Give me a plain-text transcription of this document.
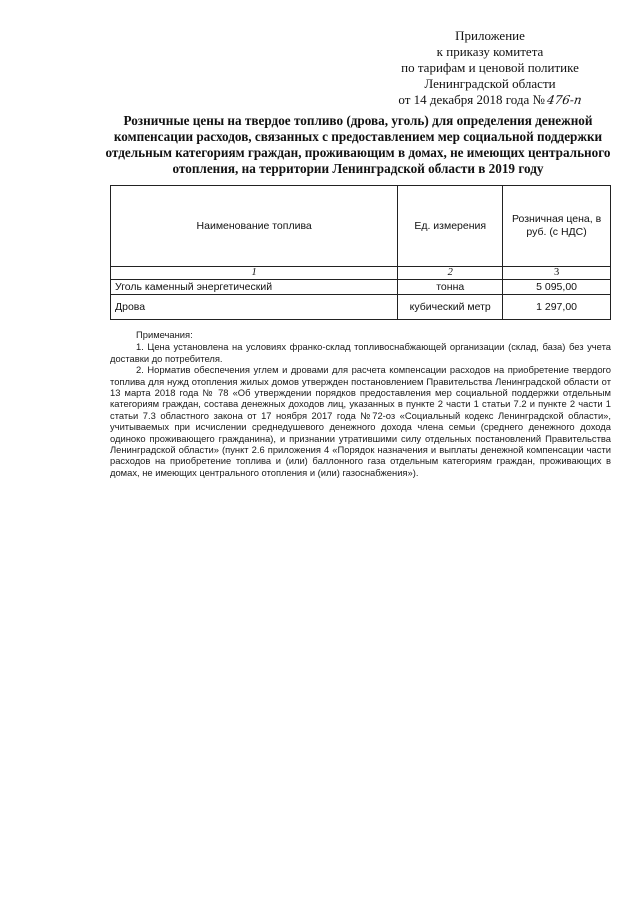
Приложение
к приказу комитета
по тарифам и ценовой политике
Ленинградской области
от 14 декабря 2018 года №476-п
Розничные цены на твердое топливо (дрова, уголь) для определения денежной компенсации расходов, связанных с предоставлением мер социальной поддержки отдельным категориям граждан, проживающим в домах, не имеющих центрального отопления, на территории Ленинградской области в 2019 году
Наименование топлива	Ед. измерения	Розничная цена, в руб. (с НДС)
1	2	3
Уголь каменный энергетический	тонна	5 095,00
Дрова	кубический метр	1 297,00

Примечания:

1. Цена установлена на условиях франко-склад топливоснабжающей организации (склад, база) без учета доставки до потребителя.

2. Норматив обеспечения углем и дровами для расчета компенсации расходов на приобретение твердого топлива для нужд отопления жилых домов утвержден постановлением Правительства Ленинградской области от 13 марта 2018 года № 78 «Об утверждении порядков предоставления мер социальной поддержки отдельным категориям граждан, состава денежных доходов лиц, указанных в пункте 2 части 1 статьи 7.2 и пункте 2 части 1 статьи 7.3 областного закона от 17 ноября 2017 года №72-оз «Социальный кодекс Ленинградской области», учитываемых при исчислении среднедушевого денежного дохода члена семьи (среднего денежного дохода одиноко проживающего гражданина), и признании утратившими силу отдельных постановлений Правительства Ленинградской области» (пункт 2.6 приложения 4 «Порядок назначения и выплаты денежной компенсации части расходов на приобретение топлива и (или) баллонного газа отдельным категориям граждан, проживающих в домах, не имеющих центрального отопления и (или) газоснабжения»).
